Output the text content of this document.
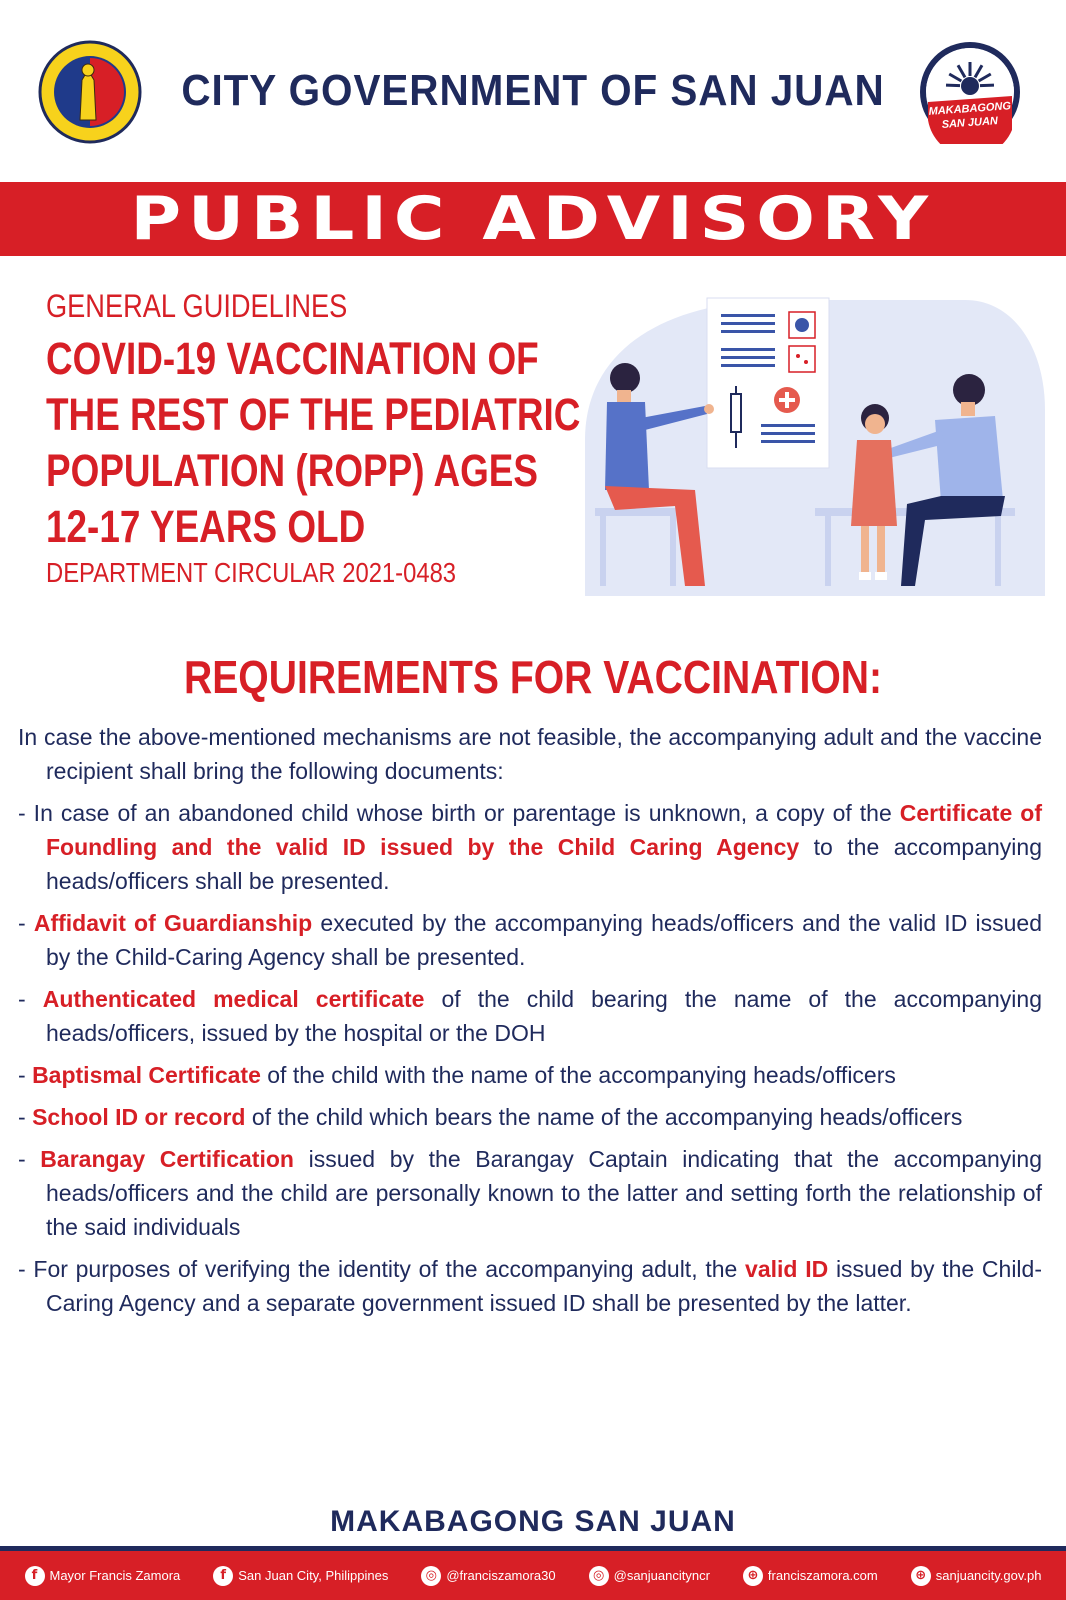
CITY GOVERNMENT OF SAN JUAN	MAKABAGONG
SAN JUAN
PUBLIC ADVISORY
GENERAL GUIDELINES
COVID-19 VACCINATION OF
THE REST OF THE PEDIATRIC
POPULATION (ROPP) AGES
12-17 YEARS OLD
DEPARTMENT CIRCULAR 2021-0483
REQUIREMENTS FOR VACCINATION:

In case the above-mentioned mechanisms are not feasible, the accompanying adult and the vaccine recipient shall bring the following documents:

- In case of an abandoned child whose birth or parentage is unknown, a copy of the Certificate of Foundling and the valid ID issued by the Child Caring Agency to the accompanying heads/officers shall be presented.

- Affidavit of Guardianship executed by the accompanying heads/officers and the valid ID issued by the Child-Caring Agency shall be presented.

- Authenticated medical certificate of the child bearing the name of the accompanying heads/officers, issued by the hospital or the DOH

- Baptismal Certificate of the child with the name of the accompanying heads/officers

- School ID or record of the child which bears the name of the accompanying heads/officers

- Barangay Certification issued by the Barangay Captain indicating that the accompanying heads/officers and the child are personally known to the latter and setting forth the relationship of the said individuals

- For purposes of verifying the identity of the accompanying adult, the valid ID issued by the Child-Caring Agency and a separate government issued ID shall be presented by the latter.

MAKABAGONG SAN JUAN
f Mayor Francis Zamora	f San Juan City, Philippines	◎ @franciszamora30	◎ @sanjuancityncr	⊕ franciszamora.com	⊕ sanjuancity.gov.ph
